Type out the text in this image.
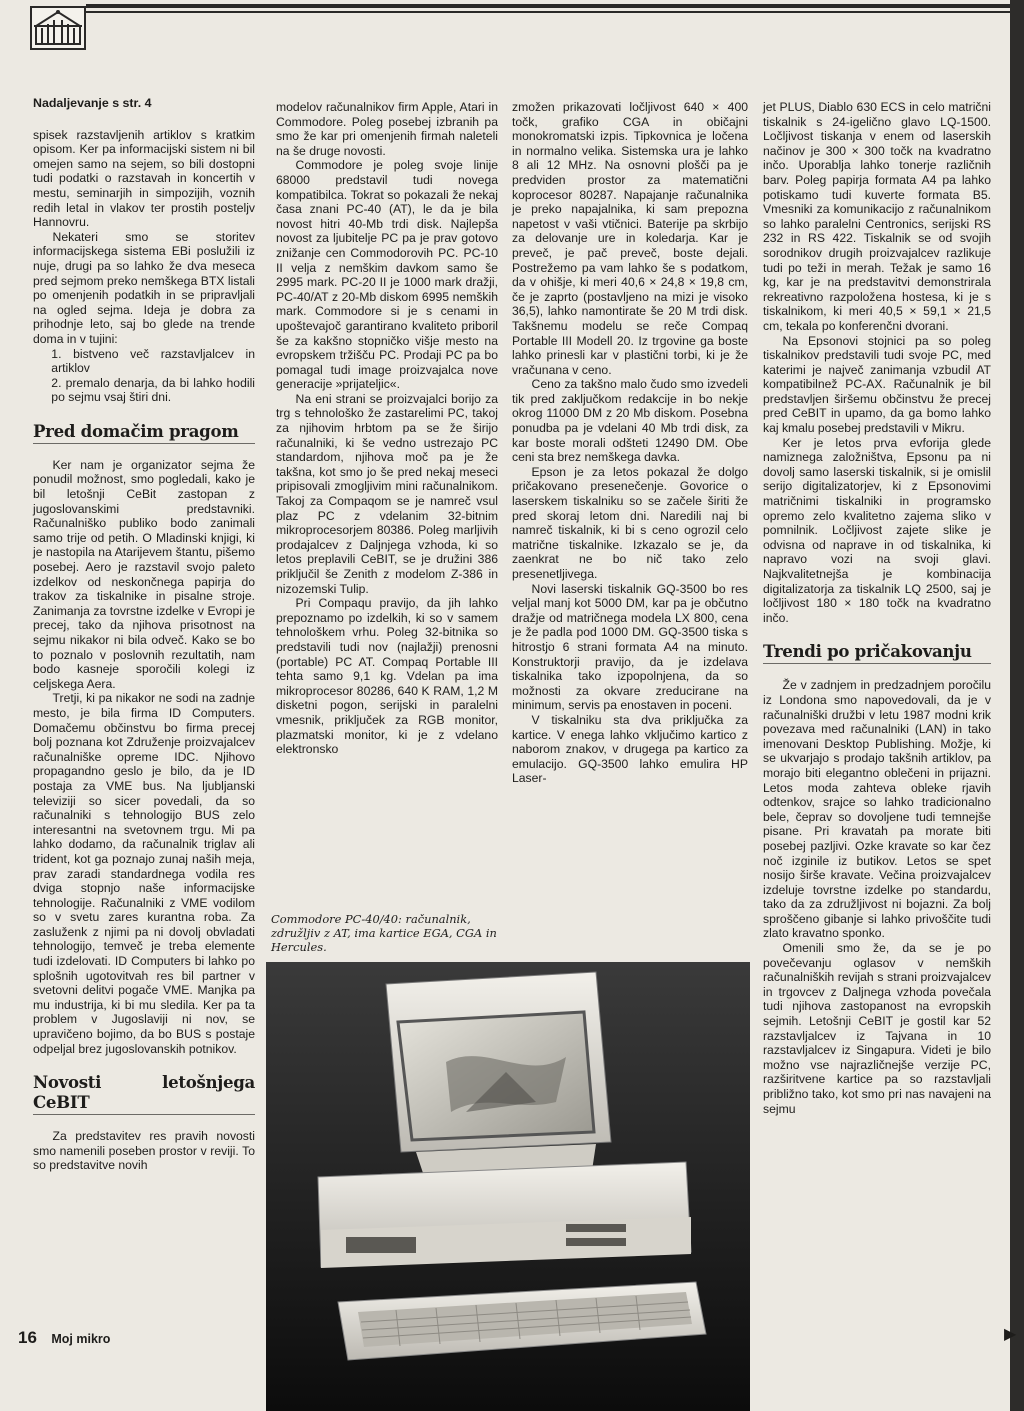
Nadaljevanje s str. 4

spisek razstavljenih artiklov s kratkim opisom. Ker pa informacijski sistem ni bil omejen samo na sejem, so bili dostopni tudi podatki o razstavah in koncertih v mestu, seminarjih in simpozijih, voznih redih letal in vlakov ter prostih posteljv Hannovru.

Nekateri smo se storitev informacijskega sistema EBi poslužili iz nuje, drugi pa so lahko že dva meseca pred sejmom preko nemškega BTX listali po omenjenih podatkih in se pripravljali na ogled sejma. Ideja je dobra za prihodnje leto, saj bo glede na trende doma in v tujini:

1. bistveno več razstavljalcev in artiklov

2. premalo denarja, da bi lahko hodili po sejmu vsaj štiri dni.

Pred domačim pragom

Ker nam je organizator sejma že ponudil možnost, smo pogledali, kako je bil letošnji CeBit zastopan z jugoslovanskimi predstavniki. Računalniško publiko bodo zanimali samo trije od petih. O Mladinski knjigi, ki je nastopila na Atarijevem štantu, pišemo posebej. Aero je razstavil svojo paleto izdelkov od neskončnega papirja do trakov za tiskalnike in pisalne stroje. Zanimanja za tovrstne izdelke v Evropi je precej, tako da njihova prisotnost na sejmu nikakor ni bila odveč. Kako se bo to poznalo v poslovnih rezultatih, nam bodo kasneje sporočili kolegi iz celjskega Aera.

Tretji, ki pa nikakor ne sodi na zadnje mesto, je bila firma ID Computers. Domačemu občinstvu bo firma precej bolj poznana kot Združenje proizvajalcev računalniške opreme IDC. Njihovo propagandno geslo je bilo, da je ID postaja za VME bus. Na ljubljanski televiziji so sicer povedali, da so računalniki s tehnologijo BUS zelo interesantni na svetovnem trgu. Mi pa lahko dodamo, da računalnik triglav ali trident, kot ga poznajo zunaj naših meja, prav zaradi standardnega vodila res dviga stopnjo naše informacijske tehnologije. Računalniki z VME vodilom so v svetu zares kurantna roba. Za zasluženk z njimi pa ni dovolj obvladati tehnologijo, temveč je treba elemente tudi izdelovati. ID Computers bi lahko po splošnih ugotovitvah res bil partner v svetovni delitvi pogače VME. Manjka pa mu industrija, ki bi mu sledila. Ker pa ta problem v Jugoslaviji ni nov, se upravičeno bojimo, da bo BUS s postaje odpeljal brez jugoslovanskih potnikov.

Novosti letošnjega CeBIT

Za predstavitev res pravih novosti smo namenili poseben prostor v reviji. To so predstavitve novih

modelov računalnikov firm Apple, Atari in Commodore. Poleg posebej izbranih pa smo že kar pri omenjenih firmah naleteli na še druge novosti.

Commodore je poleg svoje linije 68000 predstavil tudi novega kompatibilca. Tokrat so pokazali že nekaj časa znani PC-40 (AT), le da je bila novost hitri 40-Mb trdi disk. Najlepša novost za ljubitelje PC pa je prav gotovo znižanje cen Commodorovih PC. PC-10 II velja z nemškim davkom samo še 2995 mark. PC-20 II je 1000 mark dražji, PC-40/AT z 20-Mb diskom 6995 nemških mark. Commodore si je s cenami in upoštevajoč garantirano kvaliteto priboril še za kakšno stopničko višje mesto na evropskem tržišču PC. Prodaji PC pa bo pomagal tudi image proizvajalca nove generacije »prijateljic«.

Na eni strani se proizvajalci borijo za trg s tehnološko že zastarelimi PC, takoj za njihovim hrbtom pa se že širijo računalniki, ki še vedno ustrezajo PC standardom, njihova moč pa je že takšna, kot smo jo še pred nekaj meseci pripisovali zmogljivim mini računalnikom. Takoj za Compaqom se je namreč vsul plaz PC z vdelanim 32-bitnim mikroprocesorjem 80386. Poleg marljivih prodajalcev z Daljnjega vzhoda, ki so letos preplavili CeBIT, se je družini 386 priključil še Zenith z modelom Z-386 in nizozemski Tulip.

Pri Compaqu pravijo, da jih lahko prepoznamo po izdelkih, ki so v samem tehnološkem vrhu. Poleg 32-bitnika so predstavili tudi nov (najlažji) prenosni (portable) PC AT. Compaq Portable III tehta samo 9,1 kg. Vdelan pa ima mikroprocesor 80286, 640 K RAM, 1,2 M disketni pogon, serijski in paralelni vmesnik, priključek za RGB monitor, plazmatski monitor, ki je z vdelano elektronsko

zmožen prikazovati ločljivost 640 × 400 točk, grafiko CGA in običajni monokromatski izpis. Tipkovnica je ločena in normalno velika. Sistemska ura je lahko 8 ali 12 MHz. Na osnovni plošči pa je predviden prostor za matematični koprocesor 80287. Napajanje računalnika je preko napajalnika, ki sam prepozna napetost v vaši vtičnici. Baterije pa skrbijo za delovanje ure in koledarja. Kar je preveč, je pač preveč, boste dejali. Postrežemo pa vam lahko še s podatkom, da v ohišje, ki meri 40,6 × 24,8 × 19,8 cm, če je zaprto (postavljeno na mizi je visoko 36,5), lahko namontirate še 20 M trdi disk. Takšnemu modelu se reče Compaq Portable III Modell 20. Iz trgovine ga boste lahko prinesli kar v plastični torbi, ki je že vračunana v ceno.

Ceno za takšno malo čudo smo izvedeli tik pred zaključkom redakcije in bo nekje okrog 11000 DM z 20 Mb diskom. Posebna ponudba pa je vdelani 40 Mb trdi disk, za kar boste morali odšteti 12490 DM. Obe ceni sta brez nemškega davka.

Epson je za letos pokazal že dolgo pričakovano presenečenje. Govorice o laserskem tiskalniku so se začele širiti že pred skoraj letom dni. Naredili naj bi namreč tiskalnik, ki bi s ceno ogrozil celo matrične tiskalnike. Izkazalo se je, da zaenkrat ne bo nič tako zelo presenetljivega.

Novi laserski tiskalnik GQ-3500 bo res veljal manj kot 5000 DM, kar pa je občutno dražje od matričnega modela LX 800, cena je že padla pod 1000 DM. GQ-3500 tiska s hitrostjo 6 strani formata A4 na minuto. Konstruktorji pravijo, da je izdelava tiskalnika tako izpopolnjena, da so možnosti za okvare zreducirane na minimum, servis pa enostaven in poceni.

V tiskalniku sta dva priključka za kartice. V enega lahko vključimo kartico z naborom znakov, v drugega pa kartico za emulacijo. GQ-3500 lahko emulira HP Laser-

jet PLUS, Diablo 630 ECS in celo matrični tiskalnik s 24-igelično glavo LQ-1500. Ločljivost tiskanja v enem od laserskih načinov je 300 × 300 točk na kvadratno inčo. Uporablja lahko tonerje različnih barv. Poleg papirja formata A4 pa lahko potiskamo tudi kuverte formata B5. Vmesniki za komunikacijo z računalnikom so lahko paralelni Centronics, serijski RS 232 in RS 422. Tiskalnik se od svojih sorodnikov drugih proizvajalcev razlikuje tudi po teži in merah. Težak je samo 16 kg, kar je na predstavitvi demonstrirala rekreativno razpoložena hostesa, ki je s tiskalnikom, ki meri 40,5 × 59,1 × 21,5 cm, tekala po konferenčni dvorani.

Na Epsonovi stojnici pa so poleg tiskalnikov predstavili tudi svoje PC, med katerimi je največ zanimanja vzbudil AT kompatibilnež PC-AX. Računalnik je bil predstavljen širšemu občinstvu že precej pred CeBIT in upamo, da ga bomo lahko kaj kmalu posebej predstavili v Mikru.

Ker je letos prva evforija glede namiznega založništva, Epsonu pa ni dovolj samo laserski tiskalnik, si je omislil serijo digitalizatorjev, ki z Epsonovimi matričnimi tiskalniki in programsko opremo zelo kvalitetno zajema sliko v pomnilnik. Ločljivost zajete slike je odvisna od naprave in od tiskalnika, ki napravo vozi na svoji glavi. Najkvalitetnejša je kombinacija digitalizatorja za tiskalnik LQ 2500, saj je ločljivost 180 × 180 točk na kvadratno inčo.

Trendi po pričakovanju

Že v zadnjem in predzadnjem poročilu iz Londona smo napovedovali, da je v računalniški družbi v letu 1987 modni krik povezava med računalniki (LAN) in tako imenovani Desktop Publishing. Možje, ki se ukvarjajo s prodajo takšnih artiklov, pa morajo biti elegantno oblečeni in prijazni. Letos moda zahteva obleke rjavih odtenkov, srajce so lahko tradicionalno bele, čeprav so dovoljene tudi temnejše pisane. Pri kravatah pa morate biti posebej pazljivi. Ozke kravate so kar čez noč izginile iz butikov. Letos se spet nosijo širše kravate. Večina proizvajalcev izdeluje tovrstne izdelke po standardu, tako da za združljivost ni bojazni. Za bolj sproščeno gibanje si lahko privoščite tudi zlato kravatno sponko.

Omenili smo že, da se je po povečevanju oglasov v nemških računalniških revijah s strani proizvajalcev in trgovcev z Daljnega vzhoda povečala tudi njihova zastopanost na evropskih sejmih. Letošnji CeBIT je gostil kar 52 razstavljalcev iz Tajvana in 10 razstavljalcev iz Singapura. Videti je bilo možno vse najrazličnejše verzije PC, razširitvene kartice pa so razstavljali približno tako, kot smo pri nas navajeni na sejmu

Commodore PC-40/40: računalnik, združljiv z AT, ima kartice EGA, CGA in Hercules.
16 Moj mikro	▶
